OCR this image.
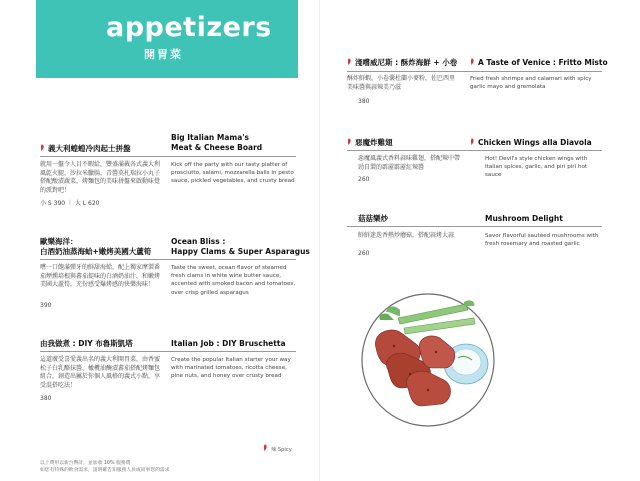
appetizers
開胃菜
義大利蝗蝗冷肉起士拼盤
Big Italian Mama's
Meat & Cheese Board
就用一盤令人目不暇給，豐盛滿載各式義大利風乾火腿，沙拉米臘腸，青醬莫札瑞拉小丸子搭配酸漬蔬菜，烤麵包的美味拼盤來啟動味覺的派對吧！
Kick off the party with our tasty platter of prosciutto, salami, mozzarella balls in pesto sauce, pickled vegetables, and crusty bread
小 S 390 ｜ 大 L 620
歐樂海洋：
白酒奶油蒸海蛤+嫩烤美國大蘆筍
Ocean Bliss :
Happy Clams & Super Asparagus
嚐一口飽滿彈牙的鮮甜海蛤，配上獨家摩製番茄煙燻培根與蕃茄提味的白酒奶油汁，和嫩烤美國大蘆筍，充份感受爆烤感的快樂海味！
Taste the sweet, ocean flavor of steamed fresh clams in white wine butter sauce, accented with smoked bacon and tomatoes, over crisp grilled asparagus
390
由我做煮 : DIY 布魯斯凱塔	Italian Job : DIY Bruschetta
這道廣受喜愛義出名的義大利開胃菜，由香蜜松子白乳酪抹醬、橄欖油醃漬蕃茄搭配烤麵包組合，創造出屬於你個人風格的義式小點，享受混搭吃法！
Create the popular Italian starter your way with marinated tomatoes, ricotta cheese, pine nuts, and honey over crusty bread
380
辣 Spicy
以上費用以新台幣計，並加收 10% 服務費
如您有特殊的飲食需求，請明確告知服務人員或同事您的需求
淺嚐威尼斯 : 酥炸海鮮 + 小卷	A Taste of Venice : Fritto Misto
酥炸鮮蝦，小卷囊杜蘭小麥粉，佐巴西里美味醬與蒜辣美乃滋
Fried fresh shrimps and calamari with spicy garlic mayo and gremolata
380
惡魔炸雞翅	Chicken Wings alla Diavola
惡魔風義式香料蒜味雞翅，搭配辣中帶勁自製的霹靂霹靂紅辣醬
Hot! Devil's style chicken wings with Italian spices, garlic, and piri piri hot sauce
260
菇菇樂炒	Mushroom Delight
鮮鮮迷迭香熱炒蘑菇，搭配蒜烤大蒜	Savor flavorful sautéed mushrooms with fresh rosemary and roasted garlic
260
